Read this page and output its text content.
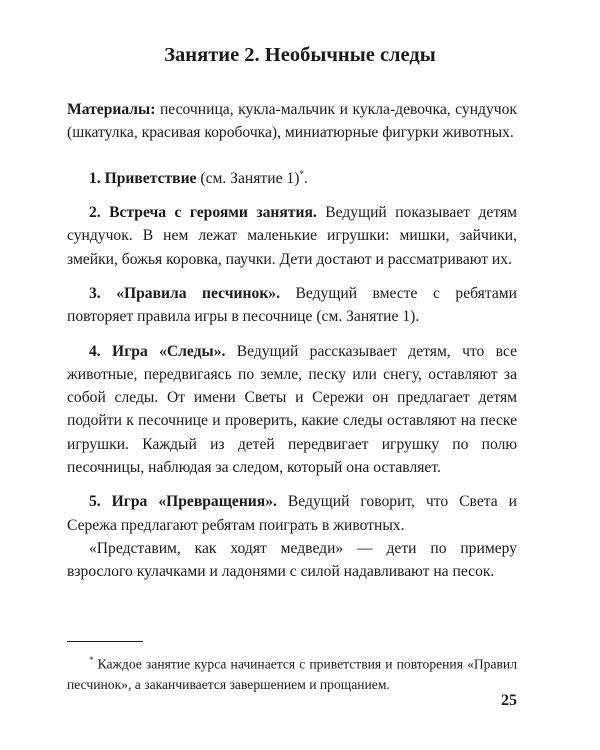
Занятие 2. Необычные следы

Материалы: песочница, кукла-мальчик и кукла-девочка, сундучок (шкатулка, красивая коробочка), миниатюрные фигурки животных.

1. Приветствие (см. Занятие 1)*.

2. Встреча с героями занятия. Ведущий показывает детям сундучок. В нем лежат маленькие игрушки: мишки, зайчики, змейки, божья коровка, паучки. Дети достают и рассматривают их.

3. «Правила песчинок». Ведущий вместе с ребятами повторяет правила игры в песочнице (см. Занятие 1).

4. Игра «Следы». Ведущий рассказывает детям, что все животные, передвигаясь по земле, песку или снегу, оставляют за собой следы. От имени Светы и Сережи он предлагает детям подойти к песочнице и проверить, какие следы оставляют на песке игрушки. Каждый из детей передвигает игрушку по полю песочницы, наблюдая за следом, который она оставляет.

5. Игра «Превращения». Ведущий говорит, что Света и Сережа предлагают ребятам поиграть в животных.

«Представим, как ходят медведи» — дети по примеру взрослого кулачками и ладонями с силой надавливают на песок.

* Каждое занятие курса начинается с приветствия и повторения «Правил песчинок», а заканчивается завершением и прощанием.

25
